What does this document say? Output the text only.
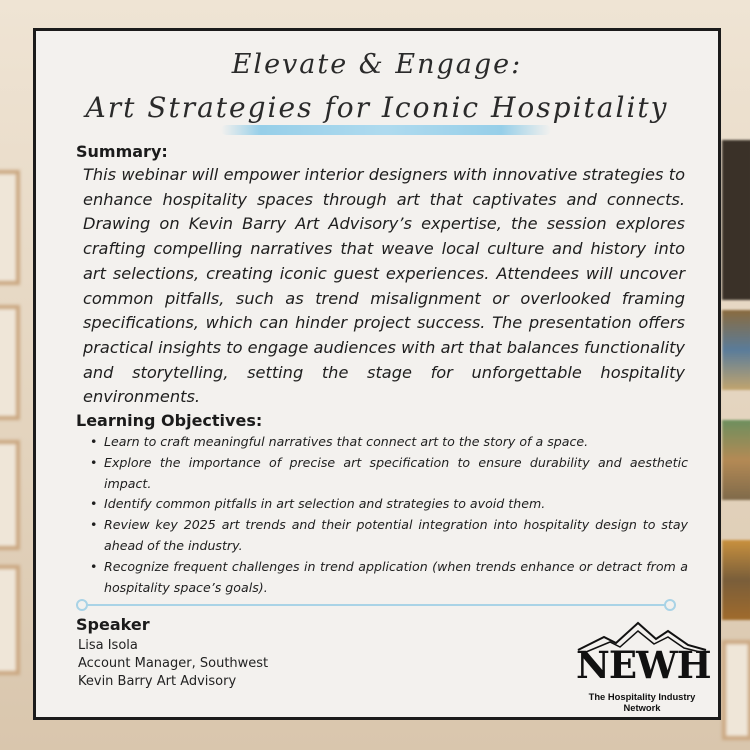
Elevate & Engage:
Art Strategies for Iconic Hospitality
Summary:
This webinar will empower interior designers with innovative strategies to enhance hospitality spaces through art that captivates and connects. Drawing on Kevin Barry Art Advisory’s expertise, the session explores crafting compelling narratives that weave local culture and history into art selections, creating iconic guest experiences. Attendees will uncover common pitfalls, such as trend misalignment or overlooked framing specifications, which can hinder project success. The presentation offers practical insights to engage audiences with art that balances functionality and storytelling, setting the stage for unforgettable hospitality environments.
Learning Objectives:
• Learn to craft meaningful narratives that connect art to the story of a space.
• Explore the importance of precise art specification to ensure durability and aesthetic impact.
• Identify common pitfalls in art selection and strategies to avoid them.
• Review key 2025 art trends and their potential integration into hospitality design to stay ahead of the industry.
• Recognize frequent challenges in trend application (when trends enhance or detract from a hospitality space’s goals).
Speaker
Lisa Isola
Account Manager, Southwest
Kevin Barry Art Advisory	NEWH
The Hospitality Industry Network
